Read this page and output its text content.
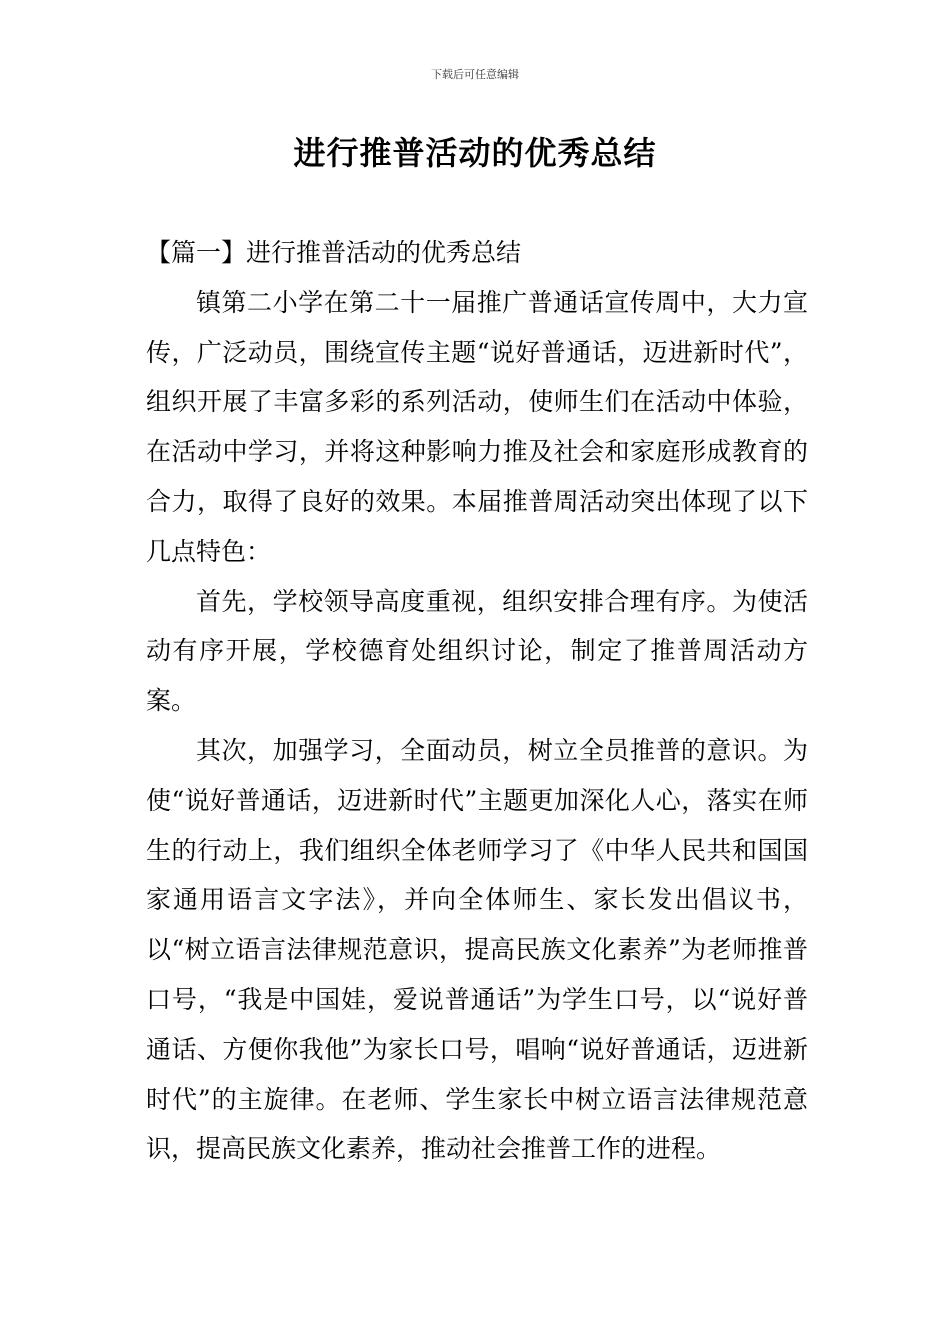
下载后可任意编辑
进行推普活动的优秀总结

【篇一】进行推普活动的优秀总结

镇第二小学在第二十一届推广普通话宣传周中，大力宣传，广泛动员，围绕宣传主题“说好普通话，迈进新时代”，组织开展了丰富多彩的系列活动，使师生们在活动中体验，在活动中学习，并将这种影响力推及社会和家庭形成教育的合力，取得了良好的效果。本届推普周活动突出体现了以下几点特色：

首先，学校领导高度重视，组织安排合理有序。为使活动有序开展，学校德育处组织讨论，制定了推普周活动方案。

其次，加强学习，全面动员，树立全员推普的意识。为使“说好普通话，迈进新时代”主题更加深化人心，落实在师生的行动上，我们组织全体老师学习了《中华人民共和国国家通用语言文字法》，并向全体师生、家长发出倡议书，以“树立语言法律规范意识，提高民族文化素养”为老师推普口号，“我是中国娃，爱说普通话”为学生口号，以“说好普通话、方便你我他”为家长口号，唱响“说好普通话，迈进新时代”的主旋律。在老师、学生家长中树立语言法律规范意识，提高民族文化素养，推动社会推普工作的进程。
